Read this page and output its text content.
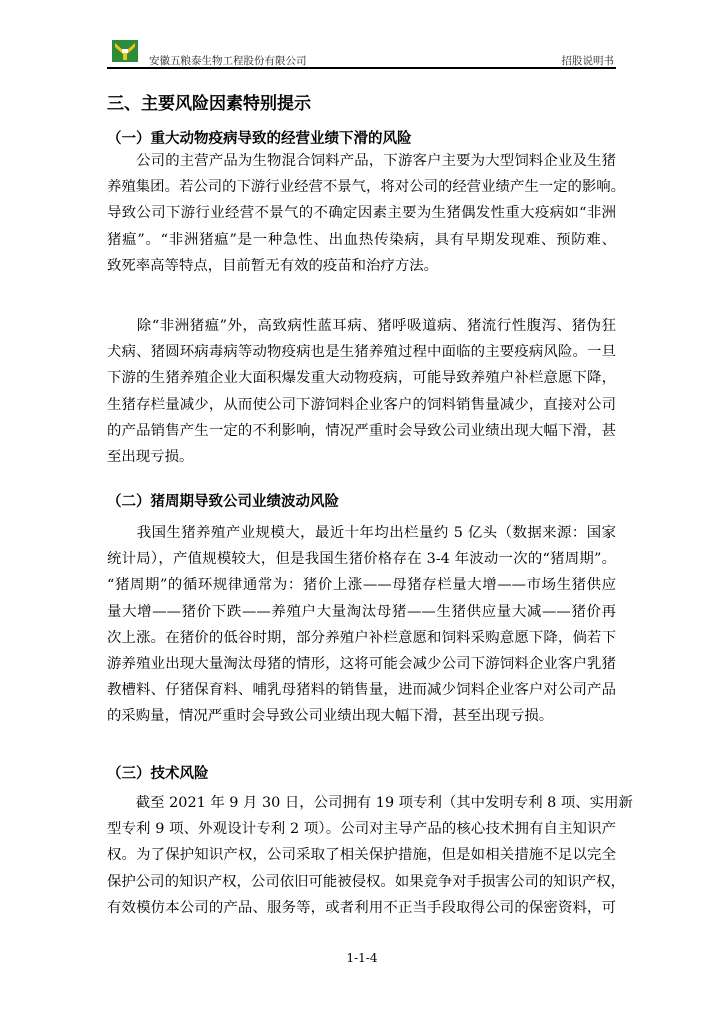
安徽五粮泰生物工程股份有限公司	招股说明书
三、主要风险因素特别提示
（一）重大动物疫病导致的经营业绩下滑的风险
　　公司的主营产品为生物混合饲料产品，下游客户主要为大型饲料企业及生猪
养殖集团。若公司的下游行业经营不景气，将对公司的经营业绩产生一定的影响。
导致公司下游行业经营不景气的不确定因素主要为生猪偶发性重大疫病如“非洲
猪瘟”。“非洲猪瘟”是一种急性、出血热传染病，具有早期发现难、预防难、
致死率高等特点，目前暂无有效的疫苗和治疗方法。
　　除“非洲猪瘟”外，高致病性蓝耳病、猪呼吸道病、猪流行性腹泻、猪伪狂
犬病、猪圆环病毒病等动物疫病也是生猪养殖过程中面临的主要疫病风险。一旦
下游的生猪养殖企业大面积爆发重大动物疫病，可能导致养殖户补栏意愿下降，
生猪存栏量减少，从而使公司下游饲料企业客户的饲料销售量减少，直接对公司
的产品销售产生一定的不利影响，情况严重时会导致公司业绩出现大幅下滑，甚
至出现亏损。
（二）猪周期导致公司业绩波动风险
　　我国生猪养殖产业规模大，最近十年均出栏量约 5 亿头（数据来源：国家
统计局），产值规模较大，但是我国生猪价格存在 3-4 年波动一次的“猪周期”。
“猪周期”的循环规律通常为：猪价上涨——母猪存栏量大增——市场生猪供应
量大增——猪价下跌——养殖户大量淘汰母猪——生猪供应量大减——猪价再
次上涨。在猪价的低谷时期，部分养殖户补栏意愿和饲料采购意愿下降，倘若下
游养殖业出现大量淘汰母猪的情形，这将可能会减少公司下游饲料企业客户乳猪
教槽料、仔猪保育料、哺乳母猪料的销售量，进而减少饲料企业客户对公司产品
的采购量，情况严重时会导致公司业绩出现大幅下滑，甚至出现亏损。
（三）技术风险
　　截至 2021 年 9 月 30 日，公司拥有 19 项专利（其中发明专利 8 项、实用新
型专利 9 项、外观设计专利 2 项）。公司对主导产品的核心技术拥有自主知识产
权。为了保护知识产权，公司采取了相关保护措施，但是如相关措施不足以完全
保护公司的知识产权，公司依旧可能被侵权。如果竞争对手损害公司的知识产权，
有效模仿本公司的产品、服务等，或者利用不正当手段取得公司的保密资料，可
1-1-4
